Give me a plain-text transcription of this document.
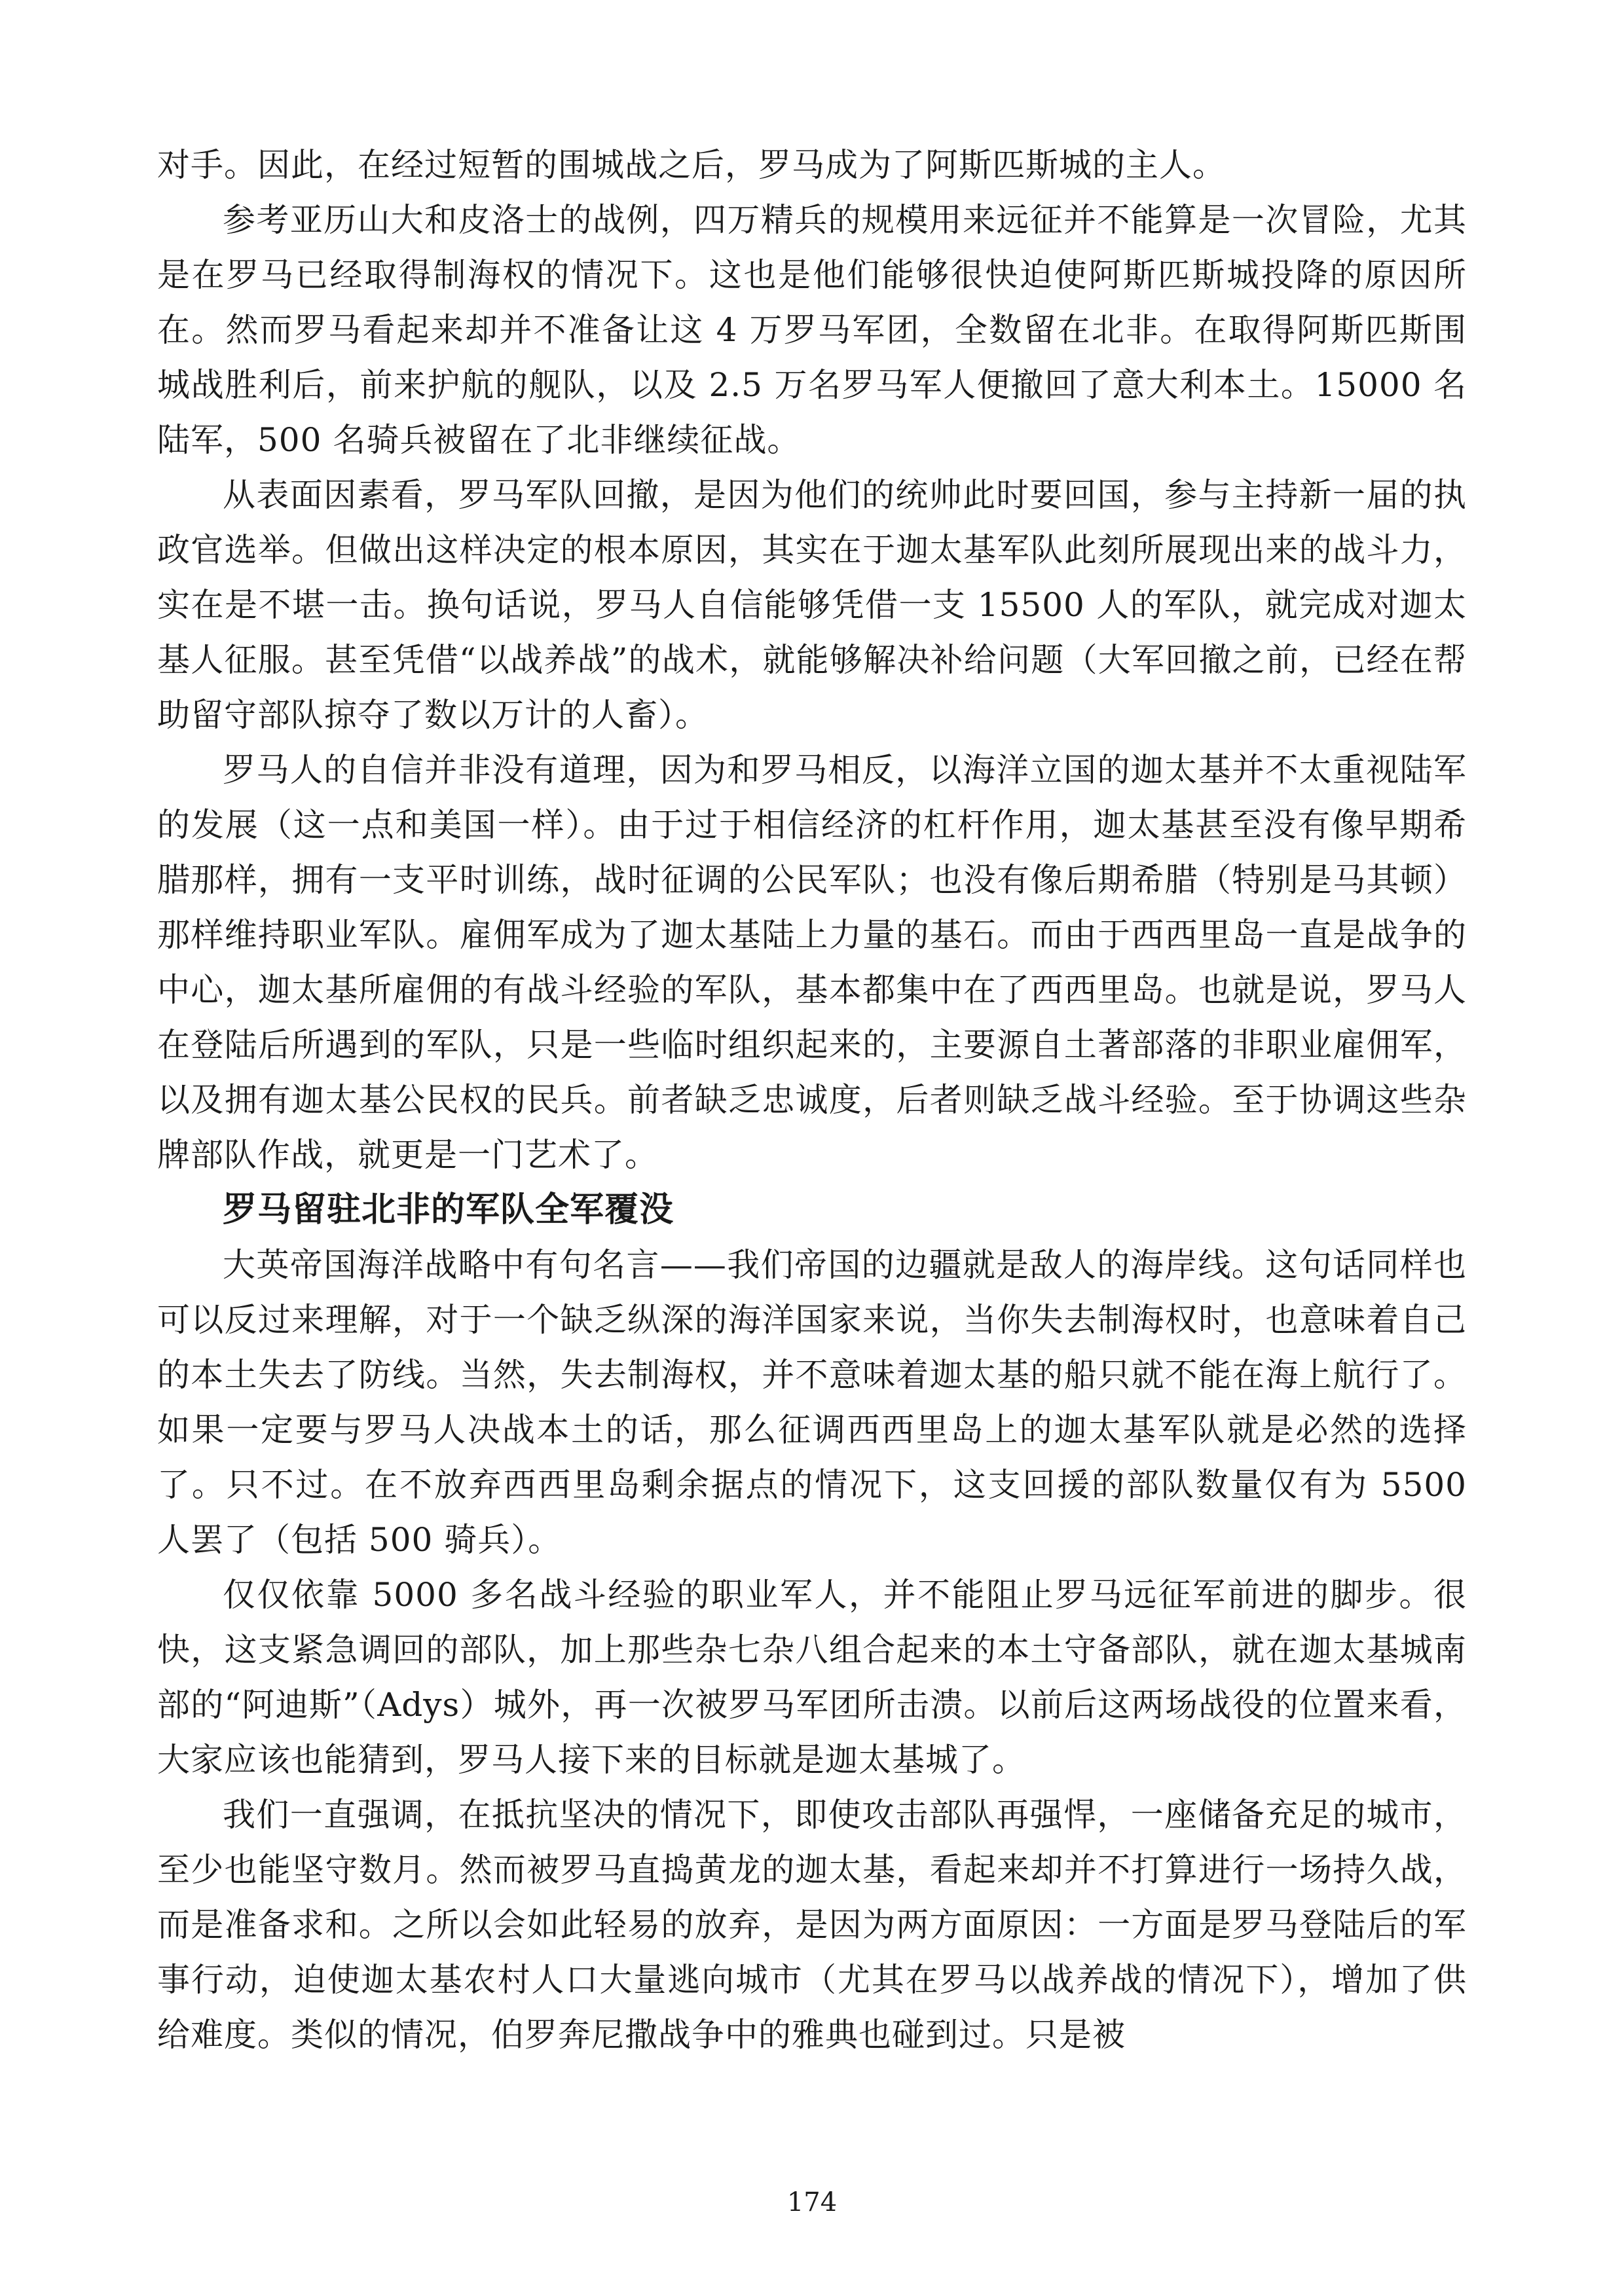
对手。因此，在经过短暂的围城战之后，罗马成为了阿斯匹斯城的主人。

参考亚历山大和皮洛士的战例，四万精兵的规模用来远征并不能算是一次冒险，尤其是在罗马已经取得制海权的情况下。这也是他们能够很快迫使阿斯匹斯城投降的原因所在。然而罗马看起来却并不准备让这 4 万罗马军团，全数留在北非。在取得阿斯匹斯围城战胜利后，前来护航的舰队，以及 2.5 万名罗马军人便撤回了意大利本土。15000 名陆军，500 名骑兵被留在了北非继续征战。

从表面因素看，罗马军队回撤，是因为他们的统帅此时要回国，参与主持新一届的执政官选举。但做出这样决定的根本原因，其实在于迦太基军队此刻所展现出来的战斗力，实在是不堪一击。换句话说，罗马人自信能够凭借一支 15500 人的军队，就完成对迦太基人征服。甚至凭借“以战养战”的战术，就能够解决补给问题（大军回撤之前，已经在帮助留守部队掠夺了数以万计的人畜）。

罗马人的自信并非没有道理，因为和罗马相反，以海洋立国的迦太基并不太重视陆军的发展（这一点和美国一样）。由于过于相信经济的杠杆作用，迦太基甚至没有像早期希腊那样，拥有一支平时训练，战时征调的公民军队；也没有像后期希腊（特别是马其顿）那样维持职业军队。雇佣军成为了迦太基陆上力量的基石。而由于西西里岛一直是战争的中心，迦太基所雇佣的有战斗经验的军队，基本都集中在了西西里岛。也就是说，罗马人在登陆后所遇到的军队，只是一些临时组织起来的，主要源自土著部落的非职业雇佣军，以及拥有迦太基公民权的民兵。前者缺乏忠诚度，后者则缺乏战斗经验。至于协调这些杂牌部队作战，就更是一门艺术了。

罗马留驻北非的军队全军覆没

大英帝国海洋战略中有句名言——我们帝国的边疆就是敌人的海岸线。这句话同样也可以反过来理解，对于一个缺乏纵深的海洋国家来说，当你失去制海权时，也意味着自己的本土失去了防线。当然，失去制海权，并不意味着迦太基的船只就不能在海上航行了。如果一定要与罗马人决战本土的话，那么征调西西里岛上的迦太基军队就是必然的选择了。只不过。在不放弃西西里岛剩余据点的情况下，这支回援的部队数量仅有为 5500 人罢了（包括 500 骑兵）。

仅仅依靠 5000 多名战斗经验的职业军人，并不能阻止罗马远征军前进的脚步。很快，这支紧急调回的部队，加上那些杂七杂八组合起来的本土守备部队，就在迦太基城南部的“阿迪斯”（Adys）城外，再一次被罗马军团所击溃。以前后这两场战役的位置来看，大家应该也能猜到，罗马人接下来的目标就是迦太基城了。

我们一直强调，在抵抗坚决的情况下，即使攻击部队再强悍，一座储备充足的城市，至少也能坚守数月。然而被罗马直捣黄龙的迦太基，看起来却并不打算进行一场持久战，而是准备求和。之所以会如此轻易的放弃，是因为两方面原因：一方面是罗马登陆后的军事行动，迫使迦太基农村人口大量逃向城市（尤其在罗马以战养战的情况下），增加了供给难度。类似的情况，伯罗奔尼撒战争中的雅典也碰到过。只是被

174
